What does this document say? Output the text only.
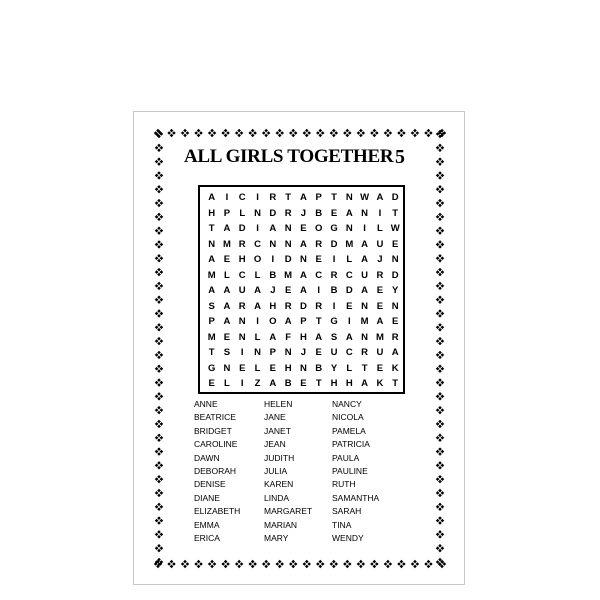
ALL GIRLS TOGETHER 5
A	I	C	I	R T A P T N W A D
H P L N D R J B E A N	I	T
T A D	I	A N E O G N	I	L W
N M R C N N A R D M A U E
A E H O	I	D N E	I	L A J N
M L C L B M A C R C U R D
A A U A J E A	I	B D A E Y
S A R A H R D R	I	E N E N
P A N	I	O A P T G	I	M A E
M E N L A F H A S A N M R
T S	I	N P N J E U C R U A
G N E L E H N B Y L T E K
E L	I	Z A B E T H H A K T
ANNE
BEATRICE
BRIDGET
CAROLINE
DAWN
DEBORAH
DENISE
DIANE
ELIZABETH
EMMA
ERICA
HELEN
JANE
JANET
JEAN
JUDITH
JULIA
KAREN
LINDA
MARGARET
MARIAN
MARY
NANCY
NICOLA
PAMELA
PATRICIA
PAULA
PAULINE
RUTH
SAMANTHA
SARAH
TINA
WENDY
